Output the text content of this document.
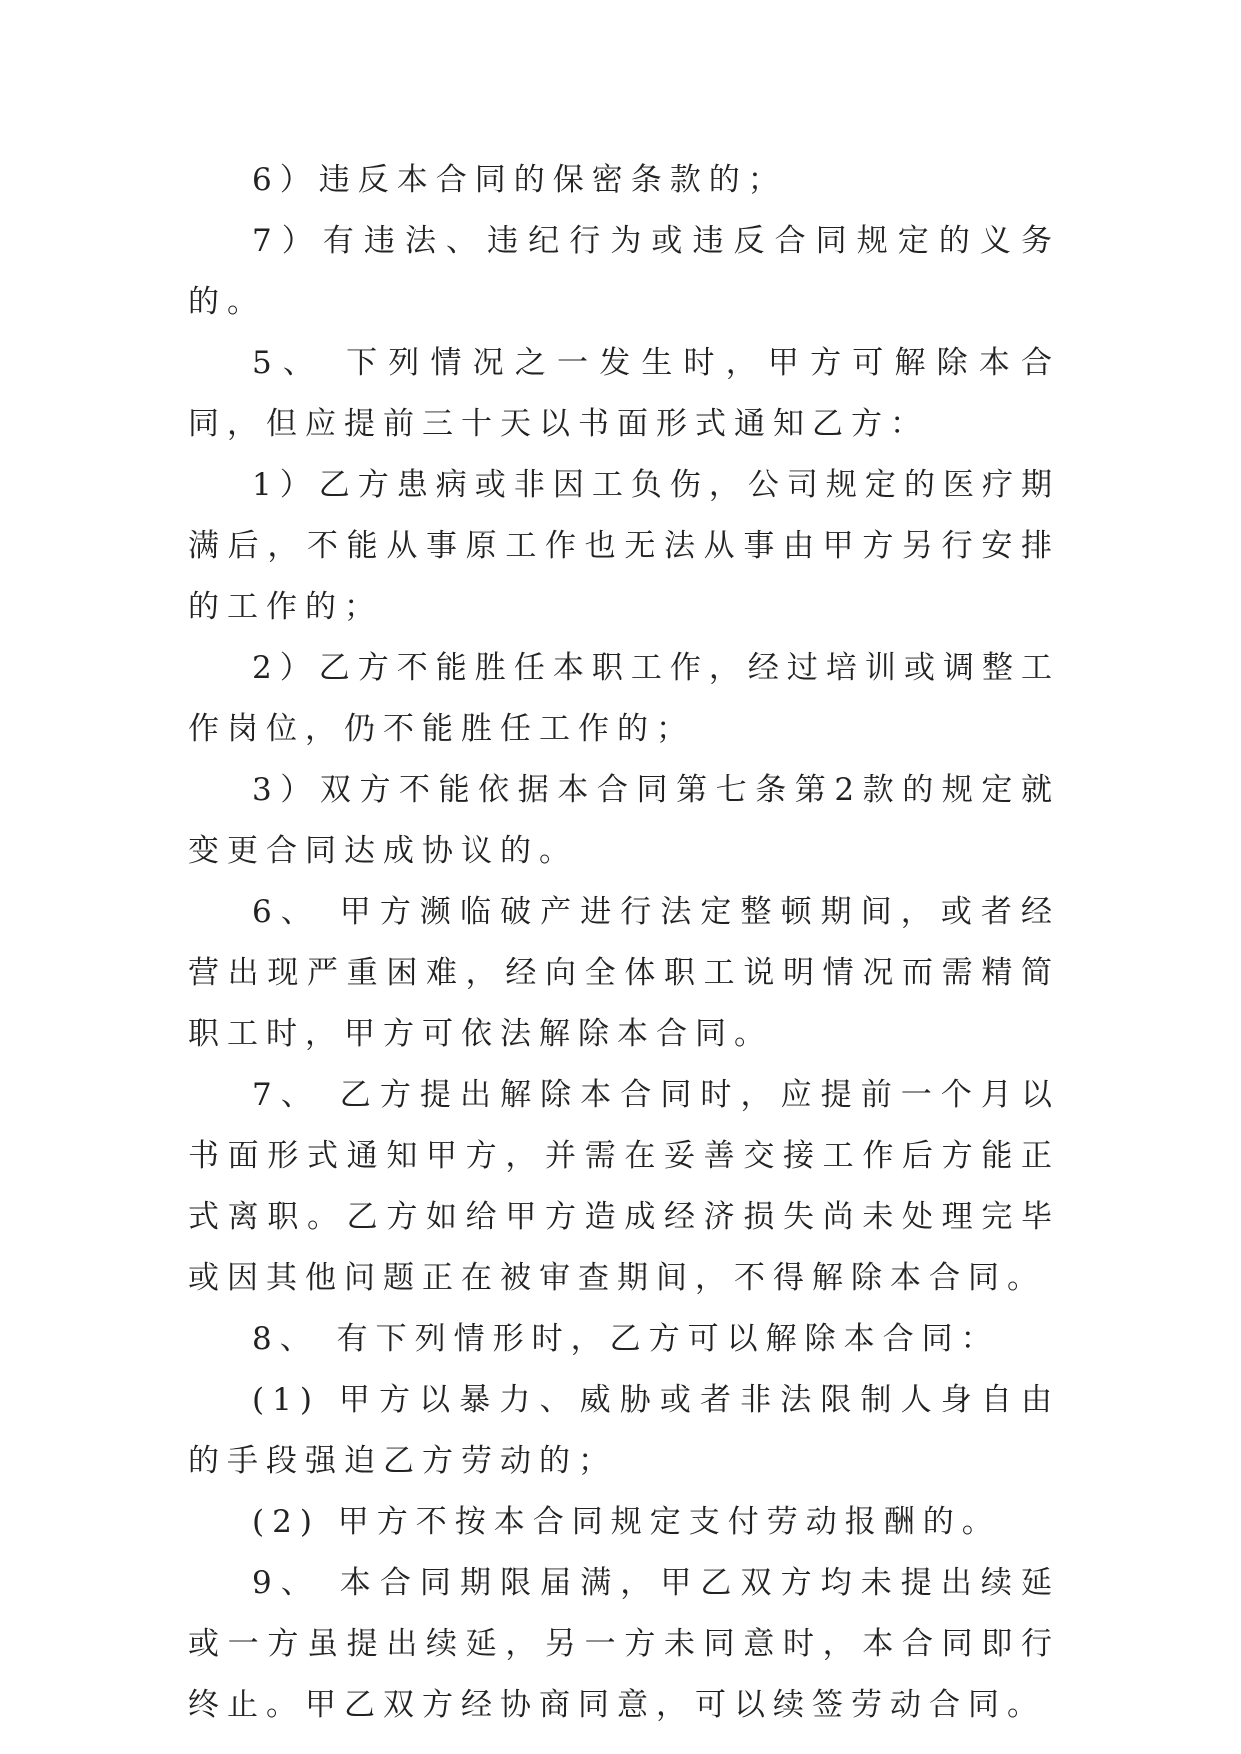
6）违反本合同的保密条款的；

7）有违法、违纪行为或违反合同规定的义务的。

5、 下列情况之一发生时，甲方可解除本合同，但应提前三十天以书面形式通知乙方：

1）乙方患病或非因工负伤，公司规定的医疗期满后，不能从事原工作也无法从事由甲方另行安排的工作的；

2）乙方不能胜任本职工作，经过培训或调整工作岗位，仍不能胜任工作的；

3）双方不能依据本合同第七条第2款的规定就变更合同达成协议的。

6、 甲方濒临破产进行法定整顿期间，或者经营出现严重困难，经向全体职工说明情况而需精简职工时，甲方可依法解除本合同。

7、 乙方提出解除本合同时，应提前一个月以书面形式通知甲方，并需在妥善交接工作后方能正式离职。乙方如给甲方造成经济损失尚未处理完毕或因其他问题正在被审查期间，不得解除本合同。

8、 有下列情形时，乙方可以解除本合同：

(1) 甲方以暴力、威胁或者非法限制人身自由的手段强迫乙方劳动的；

(2) 甲方不按本合同规定支付劳动报酬的。

9、 本合同期限届满，甲乙双方均未提出续延或一方虽提出续延，另一方未同意时，本合同即行终止。甲乙双方经协商同意，可以续签劳动合同。
